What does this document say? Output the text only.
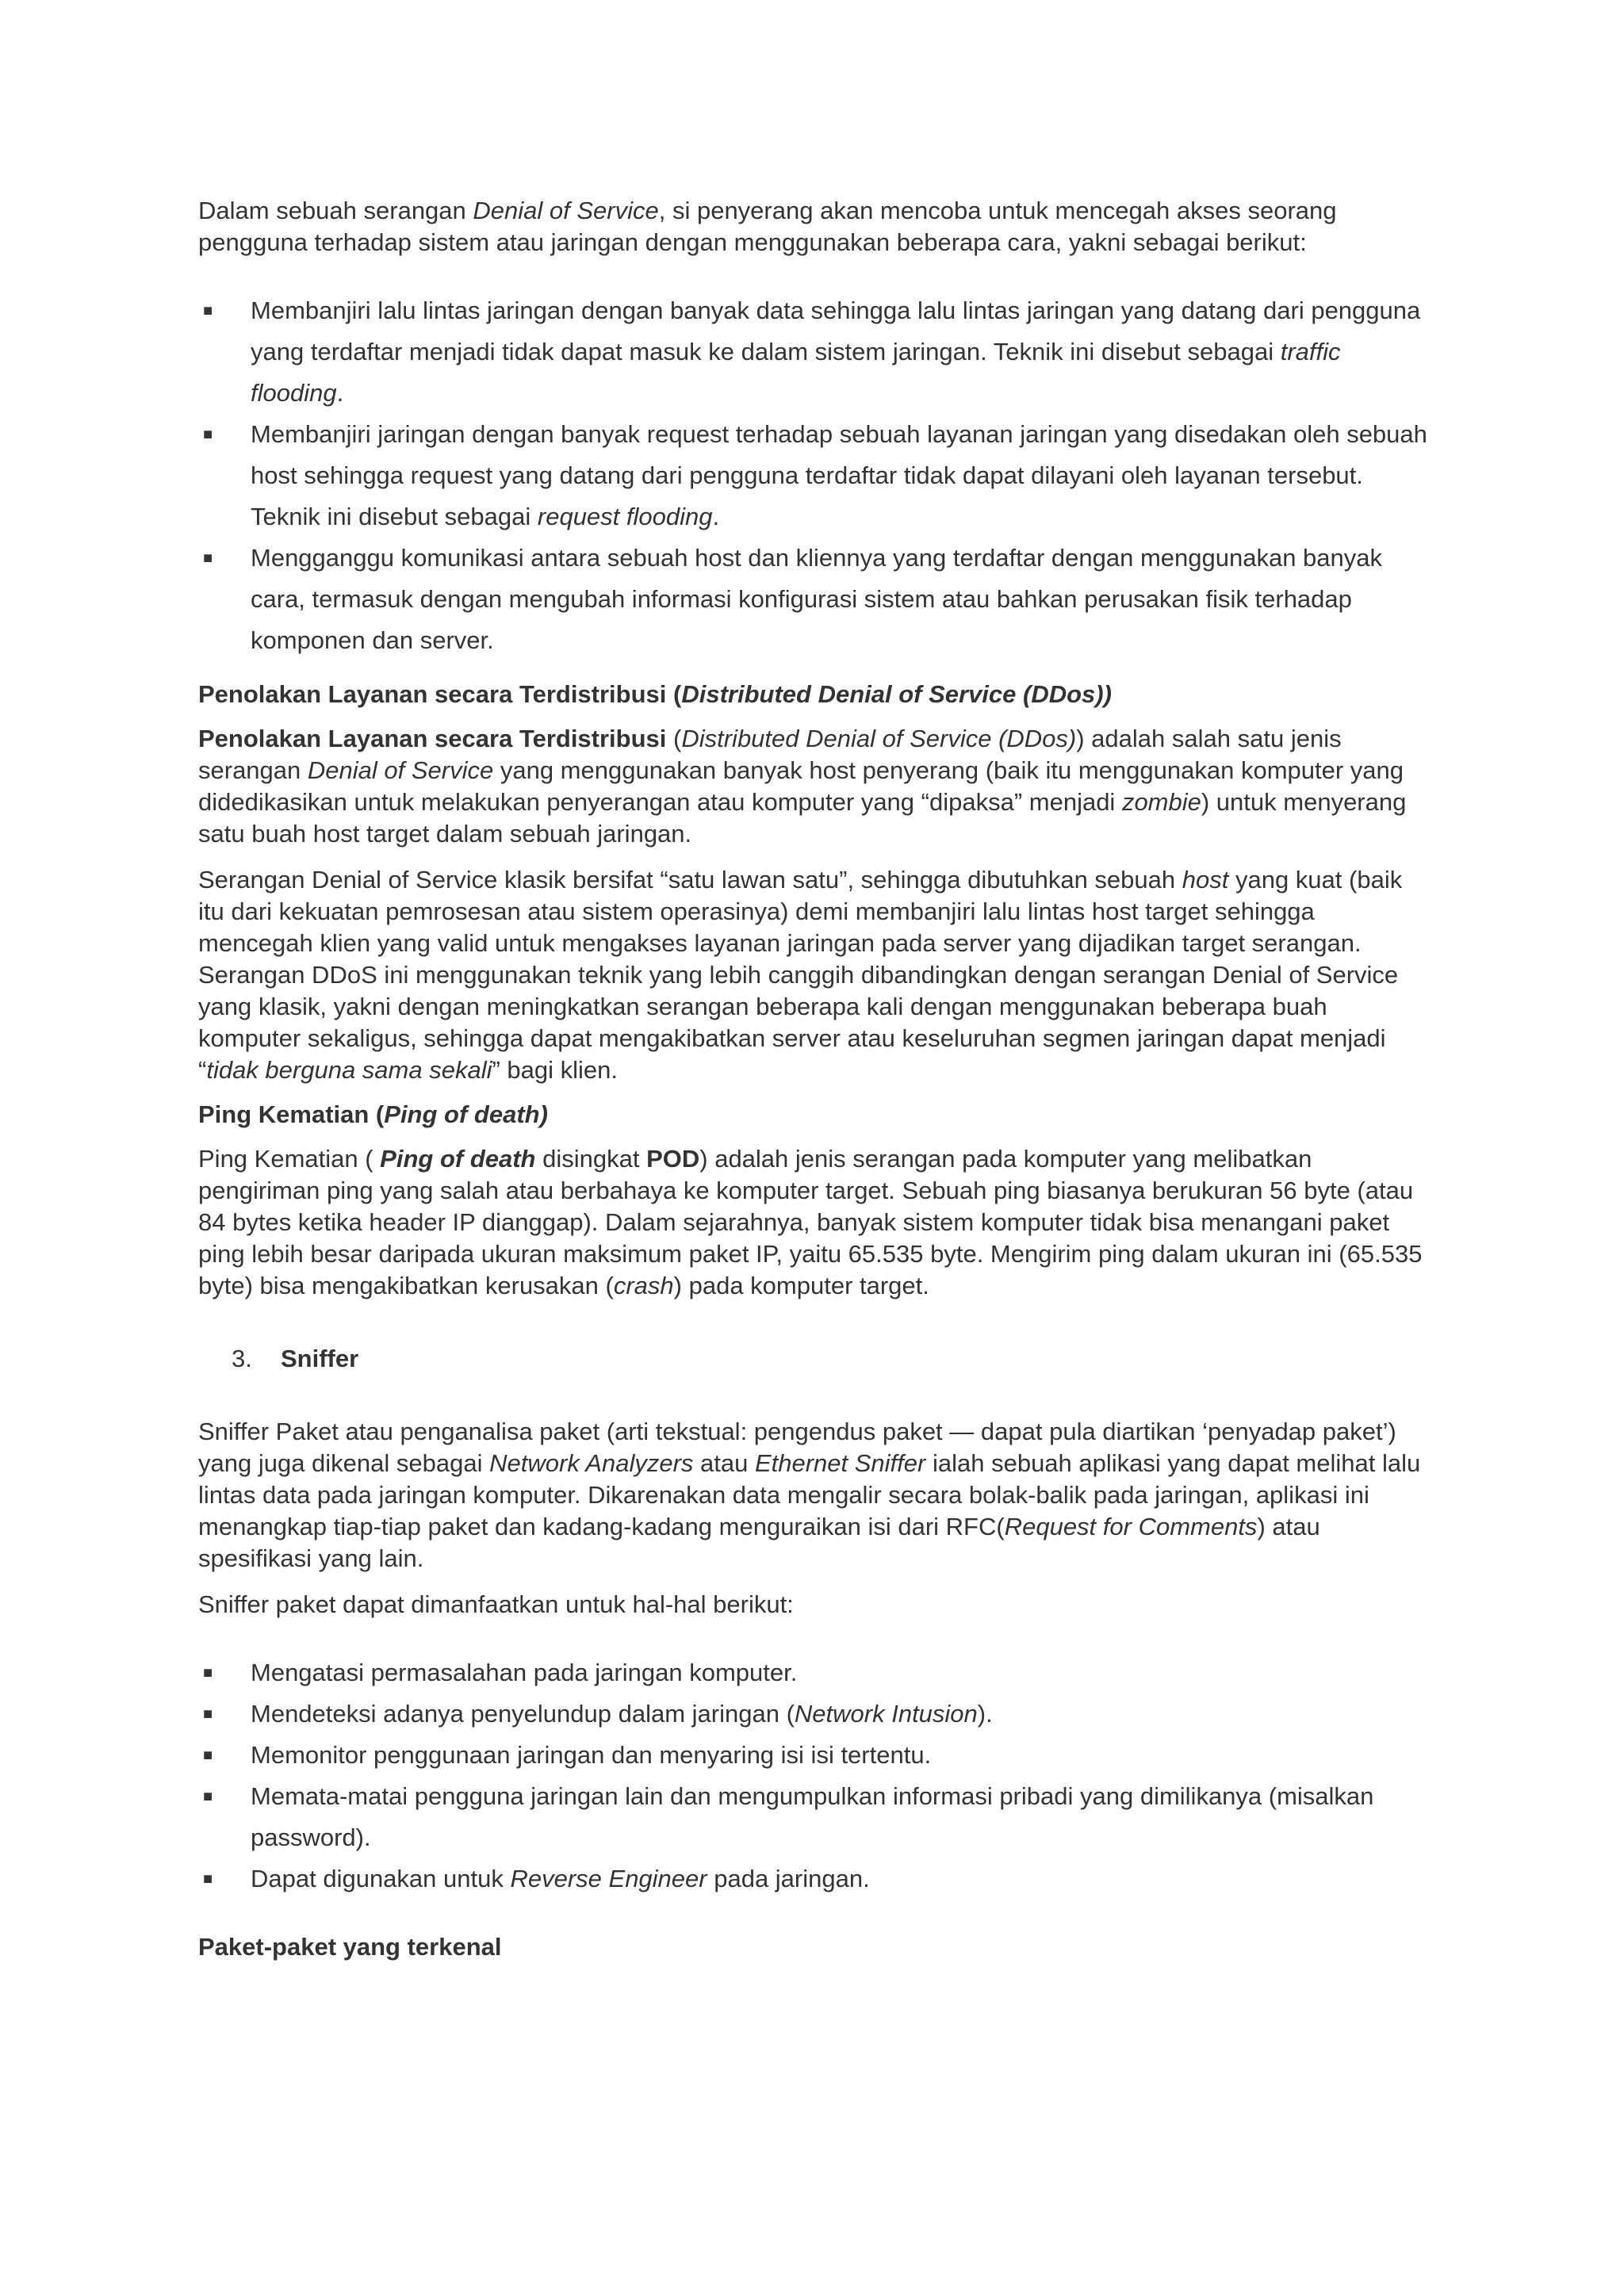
Dalam sebuah serangan Denial of Service, si penyerang akan mencoba untuk mencegah akses seorang pengguna terhadap sistem atau jaringan dengan menggunakan beberapa cara, yakni sebagai berikut:

■ Membanjiri lalu lintas jaringan dengan banyak data sehingga lalu lintas jaringan yang datang dari pengguna yang terdaftar menjadi tidak dapat masuk ke dalam sistem jaringan. Teknik ini disebut sebagai traffic flooding.
■ Membanjiri jaringan dengan banyak request terhadap sebuah layanan jaringan yang disedakan oleh sebuah host sehingga request yang datang dari pengguna terdaftar tidak dapat dilayani oleh layanan tersebut. Teknik ini disebut sebagai request flooding.
■ Mengganggu komunikasi antara sebuah host dan kliennya yang terdaftar dengan menggunakan banyak cara, termasuk dengan mengubah informasi konfigurasi sistem atau bahkan perusakan fisik terhadap komponen dan server.

Penolakan Layanan secara Terdistribusi (Distributed Denial of Service (DDos))

Penolakan Layanan secara Terdistribusi (Distributed Denial of Service (DDos)) adalah salah satu jenis serangan Denial of Service yang menggunakan banyak host penyerang (baik itu menggunakan komputer yang didedikasikan untuk melakukan penyerangan atau komputer yang “dipaksa” menjadi zombie) untuk menyerang satu buah host target dalam sebuah jaringan.

Serangan Denial of Service klasik bersifat “satu lawan satu”, sehingga dibutuhkan sebuah host yang kuat (baik itu dari kekuatan pemrosesan atau sistem operasinya) demi membanjiri lalu lintas host target sehingga mencegah klien yang valid untuk mengakses layanan jaringan pada server yang dijadikan target serangan. Serangan DDoS ini menggunakan teknik yang lebih canggih dibandingkan dengan serangan Denial of Service yang klasik, yakni dengan meningkatkan serangan beberapa kali dengan menggunakan beberapa buah komputer sekaligus, sehingga dapat mengakibatkan server atau keseluruhan segmen jaringan dapat menjadi “tidak berguna sama sekali” bagi klien.

Ping Kematian (Ping of death)

Ping Kematian ( Ping of death disingkat POD) adalah jenis serangan pada komputer yang melibatkan pengiriman ping yang salah atau berbahaya ke komputer target. Sebuah ping biasanya berukuran 56 byte (atau 84 bytes ketika header IP dianggap). Dalam sejarahnya, banyak sistem komputer tidak bisa menangani paket ping lebih besar daripada ukuran maksimum paket IP, yaitu 65.535 byte. Mengirim ping dalam ukuran ini (65.535 byte) bisa mengakibatkan kerusakan (crash) pada komputer target.

3.	Sniffer

Sniffer Paket atau penganalisa paket (arti tekstual: pengendus paket — dapat pula diartikan ‘penyadap paket’) yang juga dikenal sebagai Network Analyzers atau Ethernet Sniffer ialah sebuah aplikasi yang dapat melihat lalu lintas data pada jaringan komputer. Dikarenakan data mengalir secara bolak-balik pada jaringan, aplikasi ini menangkap tiap-tiap paket dan kadang-kadang menguraikan isi dari RFC(Request for Comments) atau spesifikasi yang lain.

Sniffer paket dapat dimanfaatkan untuk hal-hal berikut:

■ Mengatasi permasalahan pada jaringan komputer.
■ Mendeteksi adanya penyelundup dalam jaringan (Network Intusion).
■ Memonitor penggunaan jaringan dan menyaring isi isi tertentu.
■ Memata-matai pengguna jaringan lain dan mengumpulkan informasi pribadi yang dimilikanya (misalkan password).
■ Dapat digunakan untuk Reverse Engineer pada jaringan.

Paket-paket yang terkenal
